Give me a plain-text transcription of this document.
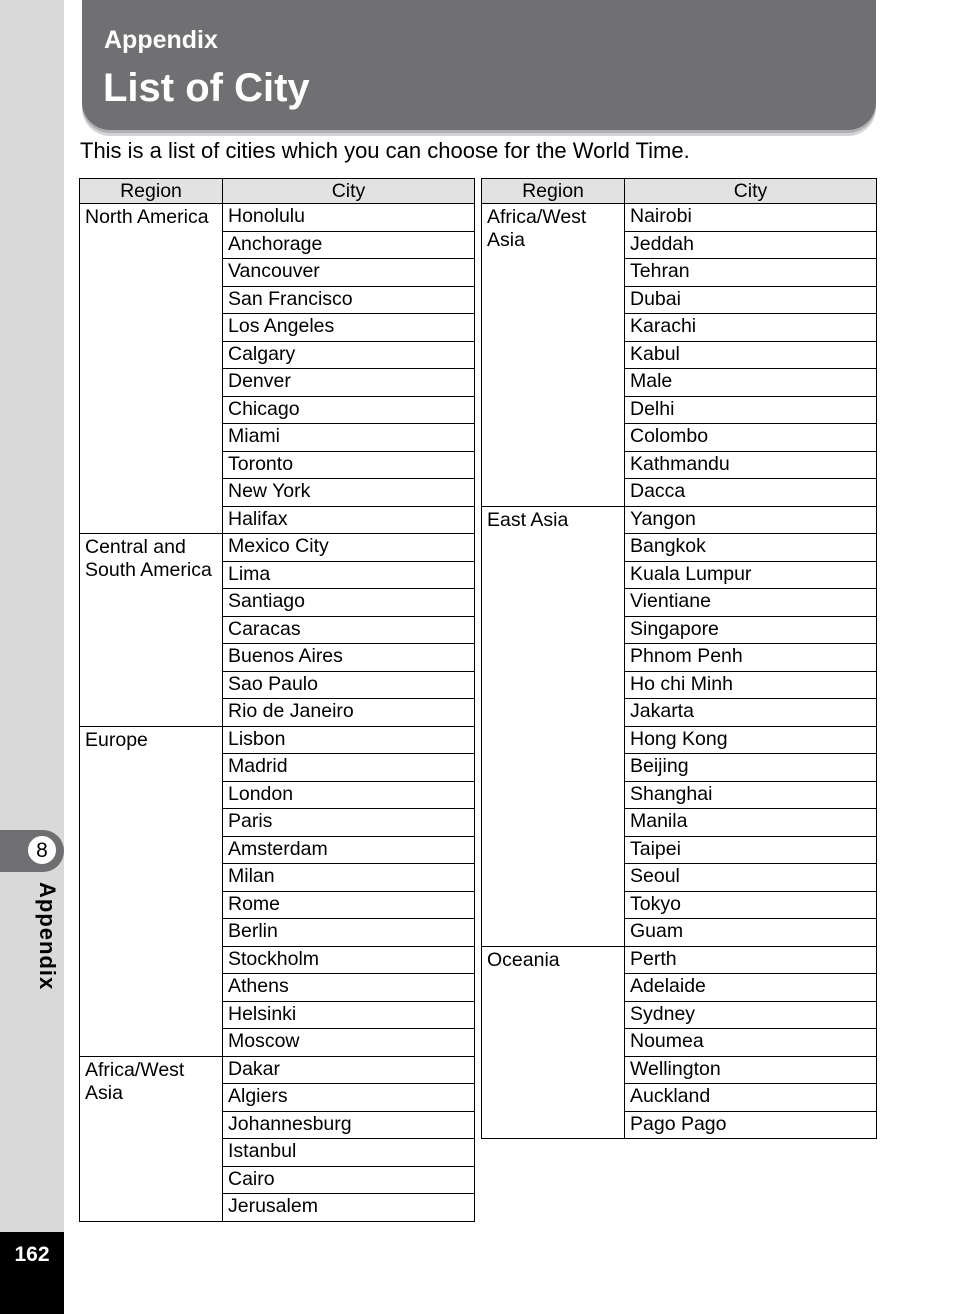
8
Appendix
162
Appendix
List of City
This is a list of cities which you can choose for the World Time.
Region	City
North America	Honolulu
	Anchorage
	Vancouver
	San Francisco
	Los Angeles
	Calgary
	Denver
	Chicago
	Miami
	Toronto
	New York
	Halifax
Central and South America	Mexico City
	Lima
	Santiago
	Caracas
	Buenos Aires
	Sao Paulo
	Rio de Janeiro
Europe	Lisbon
	Madrid
	London
	Paris
	Amsterdam
	Milan
	Rome
	Berlin
	Stockholm
	Athens
	Helsinki
	Moscow
Africa/West Asia	Dakar
	Algiers
	Johannesburg
	Istanbul
	Cairo
	Jerusalem
Region	City
Africa/West Asia	Nairobi
	Jeddah
	Tehran
	Dubai
	Karachi
	Kabul
	Male
	Delhi
	Colombo
	Kathmandu
	Dacca
East Asia	Yangon
	Bangkok
	Kuala Lumpur
	Vientiane
	Singapore
	Phnom Penh
	Ho chi Minh
	Jakarta
	Hong Kong
	Beijing
	Shanghai
	Manila
	Taipei
	Seoul
	Tokyo
	Guam
Oceania	Perth
	Adelaide
	Sydney
	Noumea
	Wellington
	Auckland
	Pago Pago
